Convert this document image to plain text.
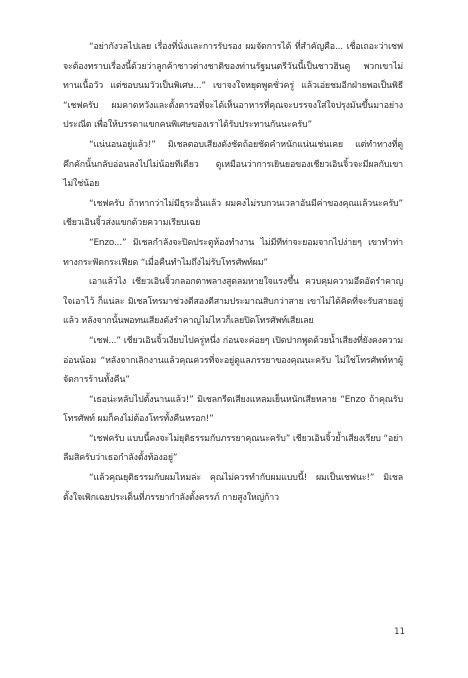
“อย่ากังวลไปเลย เรื่องที่นั่งและการรับรอง ผมจัดการได้ ที่สำคัญคือ... เชื่อเถอะว่าเชฟจะต้องทราบเรื่องนี้ด้วยว่าลูกค้าชาวต่างชาติของท่านรัฐมนตรีวันนี้เป็นชาวฮินดู พวกเขาไม่ทานเนื้อวัว แต่ชอบนมวัวเป็นพิเศษ...” เขาจงใจหยุดพูดชั่วครู่ แล้วเอ่ยชมอีกฝ่ายพอเป็นพิธี “เชฟครับ ผมคาดหวังและตั้งตารอที่จะได้เห็นอาหารที่คุณจะบรรจงใส่ใจปรุงมันขึ้นมาอย่างประณีต เพื่อให้บรรดาแขกคนพิเศษของเราได้รับประทานกันนะครับ”

“แน่นอนอยู่แล้ว!” มิเชลตอบเสียงดังชัดถ้อยชัดคำหนักแน่นเช่นเคย แต่ทำทางที่ดูคึกคักนั้นกลับอ่อนลงไปไม่น้อยทีเดียว ดูเหมือนว่าการเยินยอของเชียวเอินจิ้วจะมีผลกับเขาไม่ใช่น้อย

“เชฟครับ ถ้าหากว่าไม่มีธุระอื่นแล้ว ผมคงไม่รบกวนเวลาอันมีค่าของคุณแล้วนะครับ” เชียวเอินจิ้วส่งแขกด้วยความเรียบเฉย

“Enzo...” มิเชลกำลังจะปิดประตูห้องทำงาน ไม่มีทีท่าจะยอมจากไปง่ายๆ เขาทำท่าทางกระฟัดกระเฟียด “เมื่อคืนทำไมถึงไม่รับโทรศัพท์ผม”

เอาแล้วไง เชียวเอินจิ้วกลอกตาพลางสูดลมหายใจแรงขึ้น ควบคุมความอึดอัดรำคาญใจเอาไว้ ก็แน่ละ มิเชลโทรมาช่วงตีสองตีสามประมาณสิบกว่าสาย เขาไม่ได้คิดที่จะรับสายอยู่แล้ว หลังจากนั้นพอทนเสียงดังรำคาญไม่ไหวก็เลยปิดโทรศัพท์เสียเลย

“เชฟ...” เชียวเอินจิ้วเงียบไปครู่หนึ่ง ก่อนจะค่อยๆ เปิดปากพูดด้วยน้ำเสียงที่ยังคงความอ่อนน้อม “หลังจากเลิกงานแล้วคุณควรที่จะอยู่ดูแลภรรยาของคุณนะครับ ไม่ใช่โทรศัพท์หาผู้จัดการร้านทั้งคืน”

“เธอน่ะหลับไปตั้งนานแล้ว!” มิเชลกรีดเสียงแหลมเย็นหนักเสียหลาย “Enzo ถ้าคุณรับโทรศัพท์ ผมก็คงไม่ต้องโทรทั้งคืนหรอก!”

“เชฟครับ แบบนี้คงจะไม่ยุติธรรมกับภรรยาคุณนะครับ” เชียวเอินจิ้วย้ำเสียงเรียบ “อย่าลืมสิครับว่าเธอกำลังตั้งท้องอยู่”

“แล้วคุณยุติธรรมกับผมไหมล่ะ คุณไม่ควรทำกับผมแบบนี้! ผมเป็นเชฟนะ!” มิเชลตั้งใจเพิกเฉยประเด็นที่ภรรยากำลังตั้งครรภ์ กายสูงใหญ่ก้าว

11
